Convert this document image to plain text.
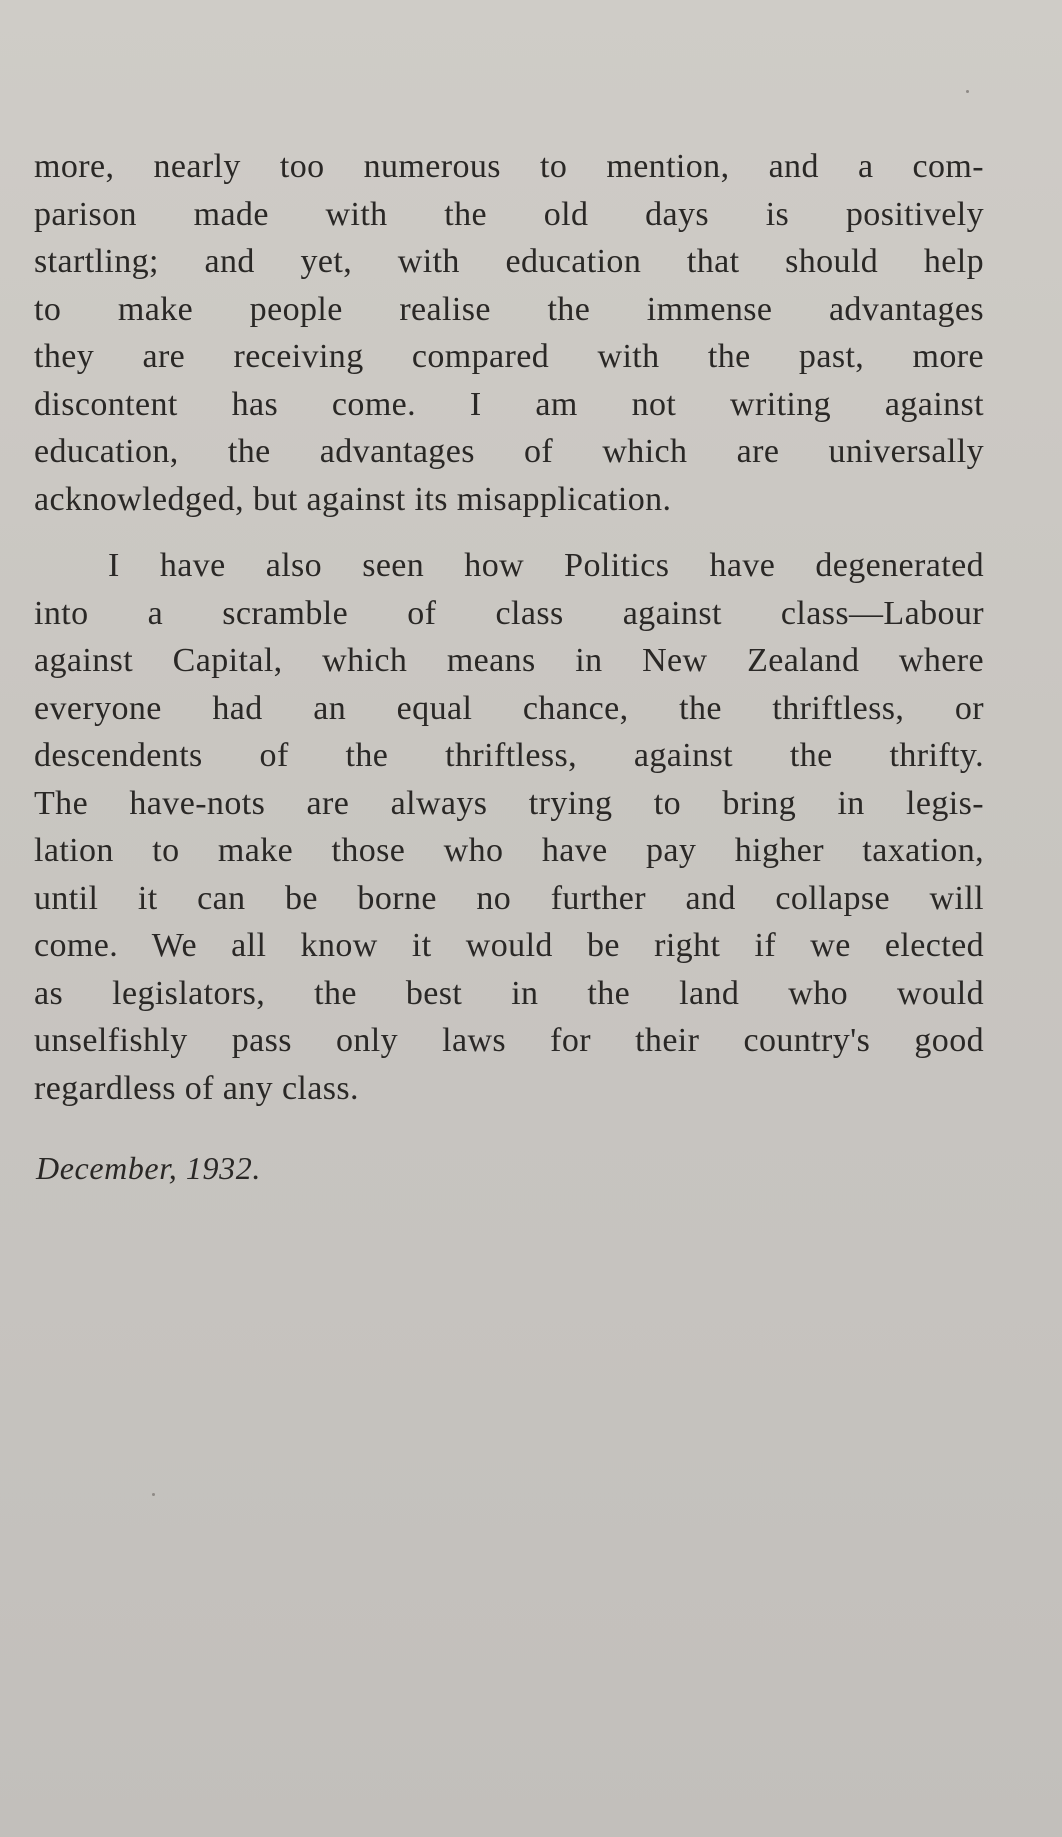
more, nearly too numerous to mention, and a com-
parison made with the old days is positively
startling; and yet, with education that should help
to make people realise the immense advantages
they are receiving compared with the past, more
discontent has come. I am not writing against
education, the advantages of which are universally
acknowledged, but against its misapplication.
I have also seen how Politics have degenerated
into a scramble of class against class—Labour
against Capital, which means in New Zealand where
everyone had an equal chance, the thriftless, or
descendents of the thriftless, against the thrifty.
The have-nots are always trying to bring in legis-
lation to make those who have pay higher taxation,
until it can be borne no further and collapse will
come. We all know it would be right if we elected
as legislators, the best in the land who would
unselfishly pass only laws for their country's good
regardless of any class.
December, 1932.
